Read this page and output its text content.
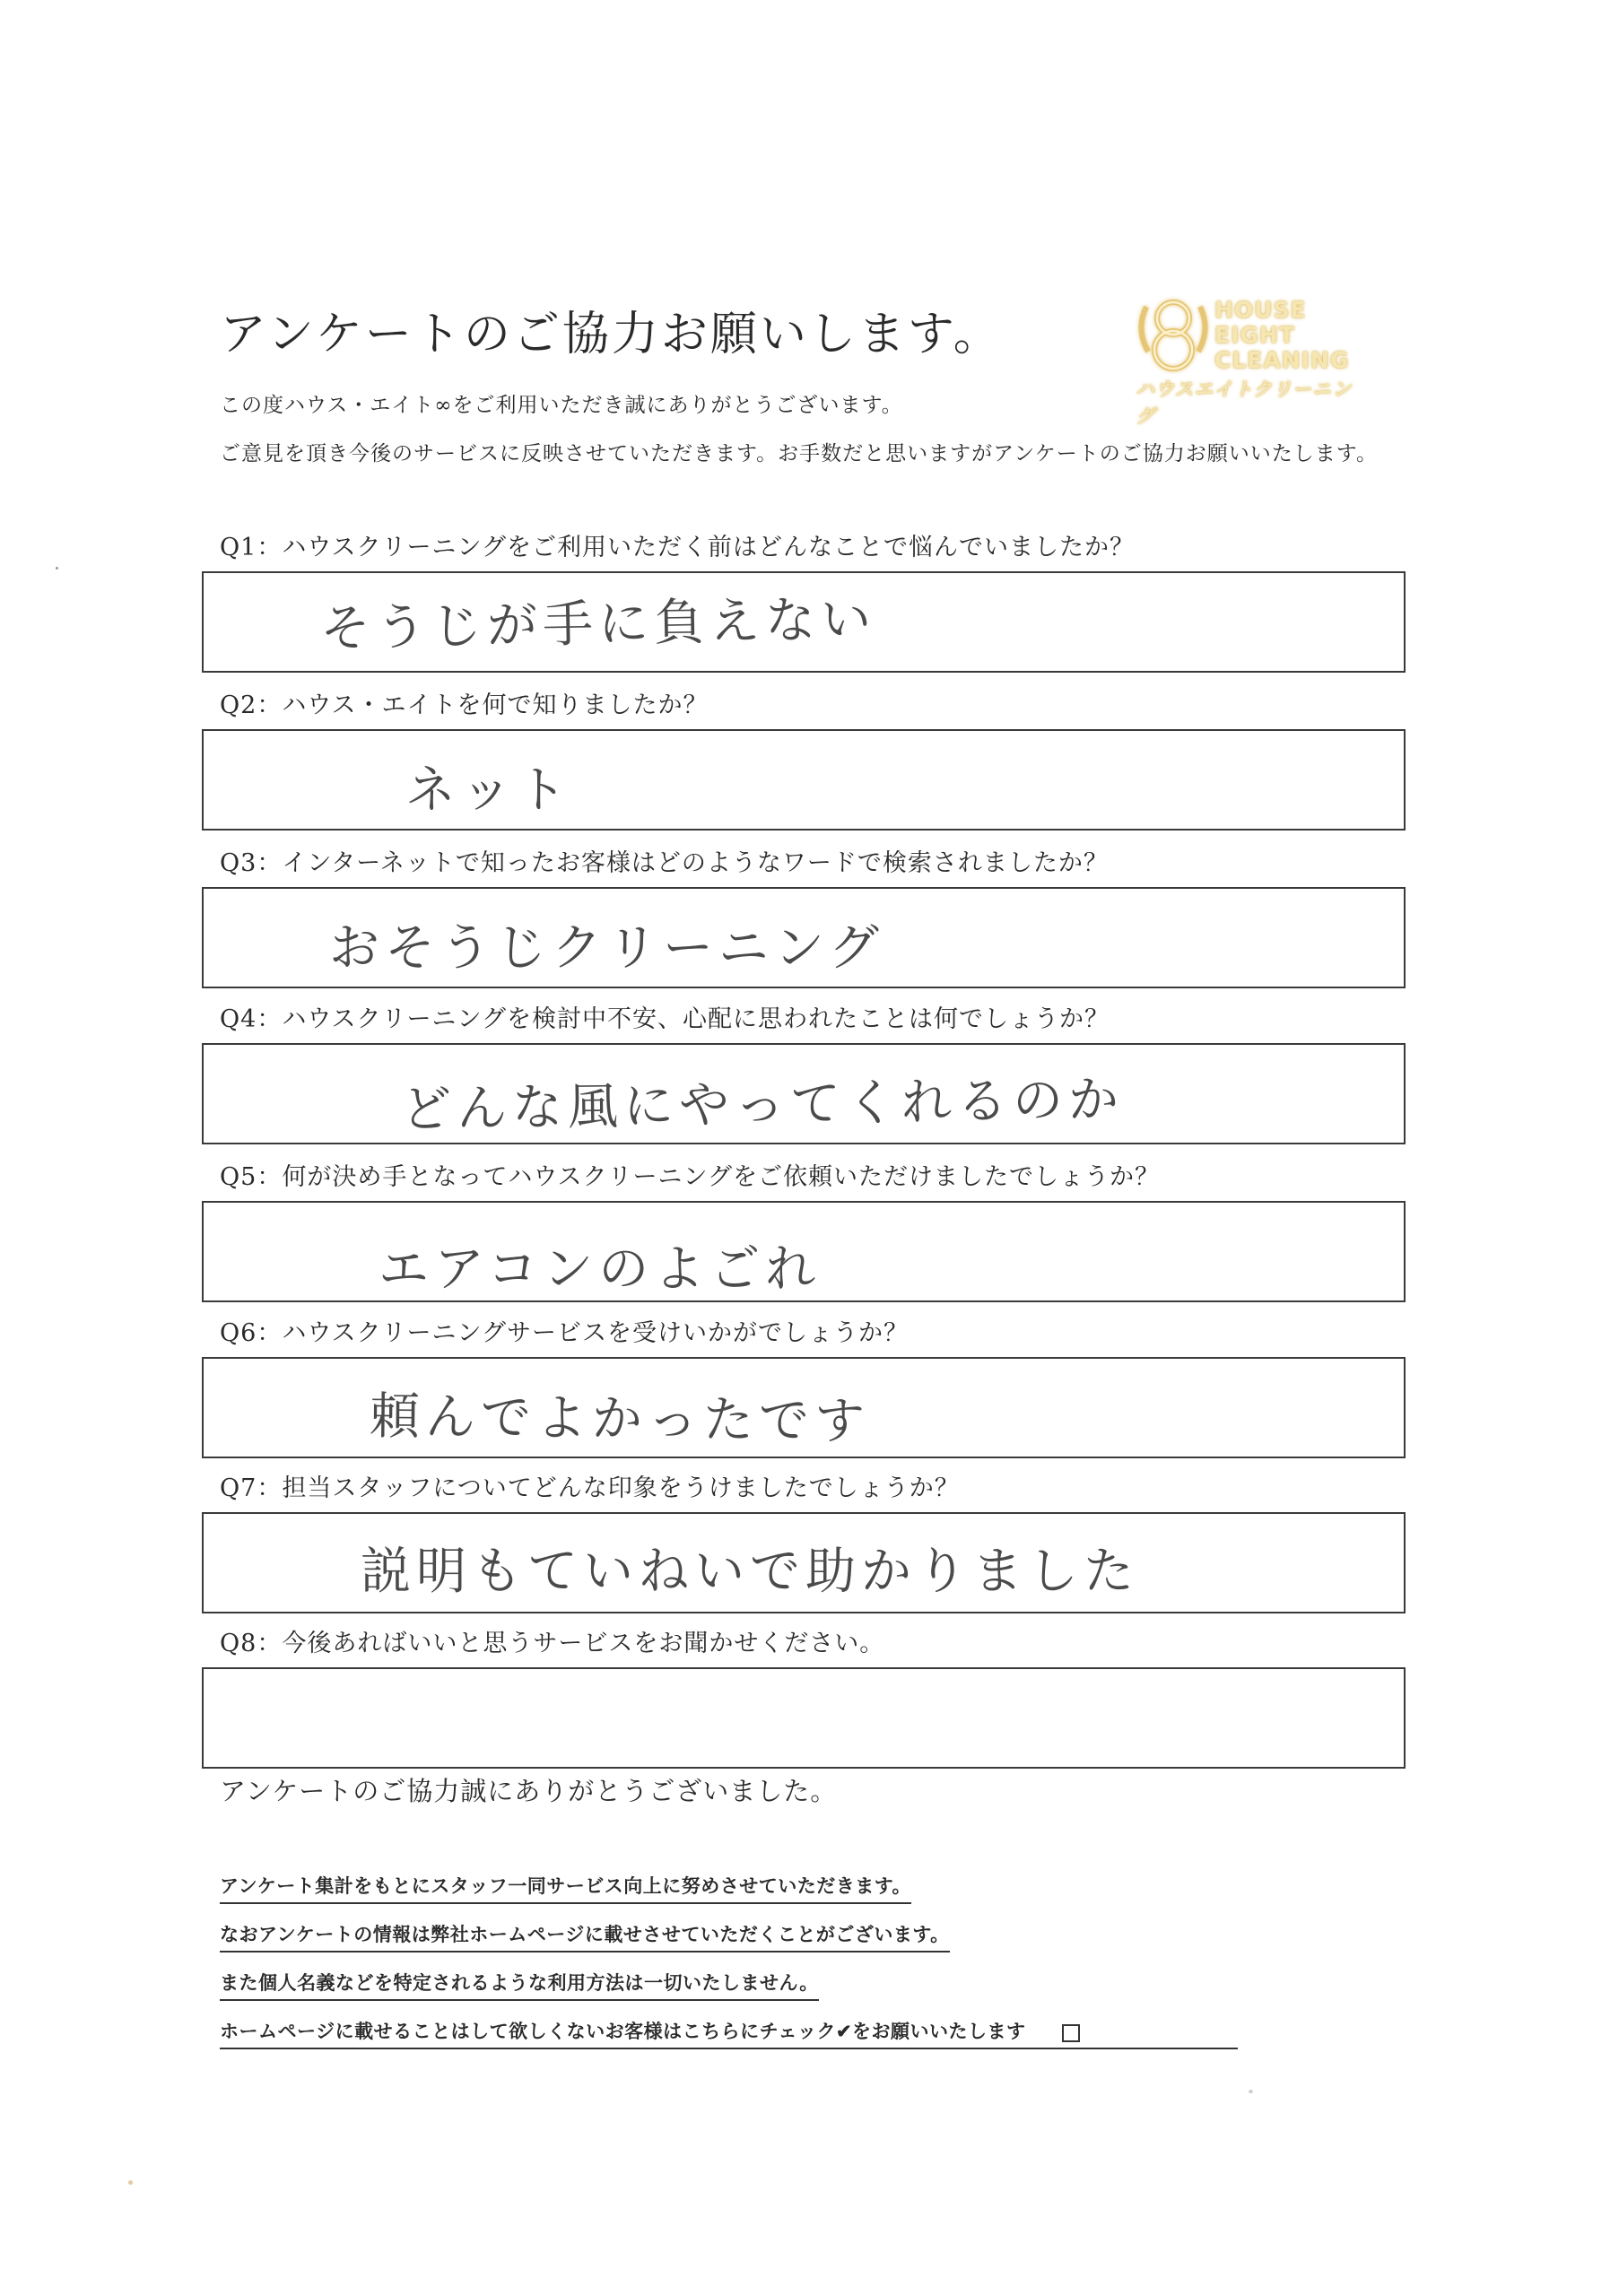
アンケートのご協力お願いします。	HOUSE
EIGHT
CLEANING
ハウスエイトクリーニング

この度ハウス・エイト∞をご利用いただき誠にありがとうございます。

ご意見を頂き今後のサービスに反映させていただきます。お手数だと思いますがアンケートのご協力お願いいたします。

Q1：ハウスクリーニングをご利用いただく前はどんなことで悩んでいましたか？

そうじが手に負えない

Q2：ハウス・エイトを何で知りましたか？

ネット

Q3：インターネットで知ったお客様はどのようなワードで検索されましたか？

おそうじクリーニング

Q4：ハウスクリーニングを検討中不安、心配に思われたことは何でしょうか？

どんな風にやってくれるのか

Q5：何が決め手となってハウスクリーニングをご依頼いただけましたでしょうか？

エアコンのよごれ

Q6：ハウスクリーニングサービスを受けいかがでしょうか？

頼んでよかったです

Q7：担当スタッフについてどんな印象をうけましたでしょうか？

説明もていねいで助かりました

Q8：今後あればいいと思うサービスをお聞かせください。

アンケートのご協力誠にありがとうございました。

アンケート集計をもとにスタッフ一同サービス向上に努めさせていただきます。

なおアンケートの情報は弊社ホームページに載せさせていただくことがございます。

また個人名義などを特定されるような利用方法は一切いたしません。

ホームページに載せることはして欲しくないお客様はこちらにチェック✔をお願いいたします
